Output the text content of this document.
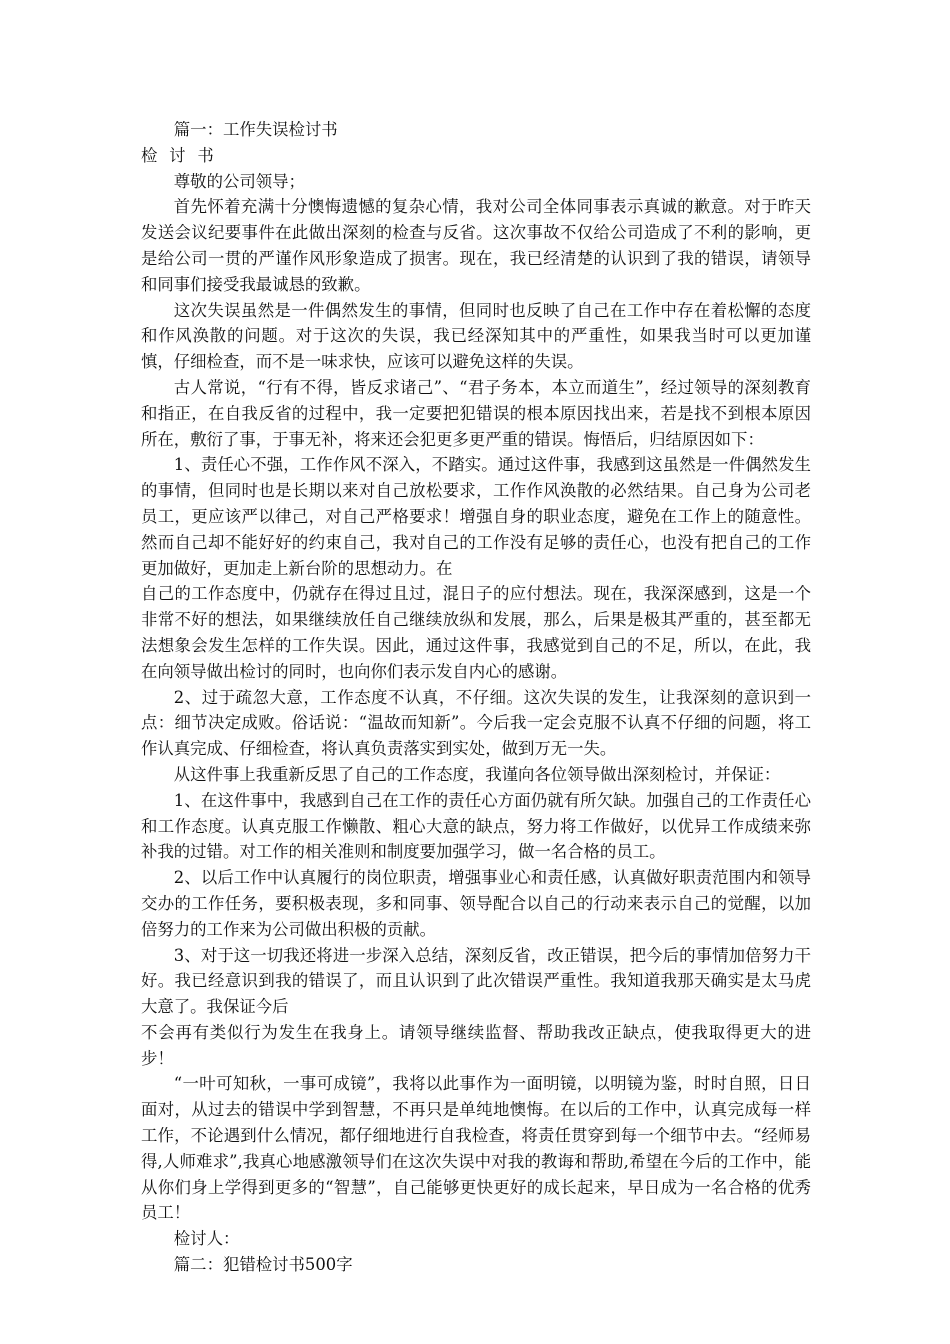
篇一：工作失误检讨书

检 讨 书

尊敬的公司领导；

首先怀着充满十分懊悔遗憾的复杂心情，我对公司全体同事表示真诚的歉意。对于昨天发送会议纪要事件在此做出深刻的检查与反省。这次事故不仅给公司造成了不利的影响，更是给公司一贯的严谨作风形象造成了损害。现在，我已经清楚的认识到了我的错误，请领导和同事们接受我最诚恳的致歉。

这次失误虽然是一件偶然发生的事情，但同时也反映了自己在工作中存在着松懈的态度和作风涣散的问题。对于这次的失误，我已经深知其中的严重性，如果我当时可以更加谨慎，仔细检查，而不是一味求快，应该可以避免这样的失误。

古人常说，“行有不得，皆反求诸己”、“君子务本，本立而道生”，经过领导的深刻教育和指正，在自我反省的过程中，我一定要把犯错误的根本原因找出来，若是找不到根本原因所在，敷衍了事，于事无补，将来还会犯更多更严重的错误。悔悟后，归结原因如下：

1、责任心不强，工作作风不深入，不踏实。通过这件事，我感到这虽然是一件偶然发生的事情，但同时也是长期以来对自己放松要求，工作作风涣散的必然结果。自己身为公司老员工，更应该严以律己，对自己严格要求！增强自身的职业态度，避免在工作上的随意性。然而自己却不能好好的约束自己，我对自己的工作没有足够的责任心，也没有把自己的工作更加做好，更加走上新台阶的思想动力。在

自己的工作态度中，仍就存在得过且过，混日子的应付想法。现在，我深深感到，这是一个非常不好的想法，如果继续放任自己继续放纵和发展，那么，后果是极其严重的，甚至都无法想象会发生怎样的工作失误。因此，通过这件事，我感觉到自己的不足，所以，在此，我在向领导做出检讨的同时，也向你们表示发自内心的感谢。

2、过于疏忽大意，工作态度不认真，不仔细。这次失误的发生，让我深刻的意识到一点：细节决定成败。俗话说：“温故而知新”。今后我一定会克服不认真不仔细的问题，将工作认真完成、仔细检查，将认真负责落实到实处，做到万无一失。

从这件事上我重新反思了自己的工作态度，我谨向各位领导做出深刻检讨，并保证：

1、在这件事中，我感到自己在工作的责任心方面仍就有所欠缺。加强自己的工作责任心和工作态度。认真克服工作懒散、粗心大意的缺点，努力将工作做好，以优异工作成绩来弥补我的过错。对工作的相关准则和制度要加强学习，做一名合格的员工。

2、以后工作中认真履行的岗位职责，增强事业心和责任感，认真做好职责范围内和领导交办的工作任务，要积极表现，多和同事、领导配合以自己的行动来表示自己的觉醒，以加倍努力的工作来为公司做出积极的贡献。

3、对于这一切我还将进一步深入总结，深刻反省，改正错误，把今后的事情加倍努力干好。我已经意识到我的错误了，而且认识到了此次错误严重性。我知道我那天确实是太马虎大意了。我保证今后

不会再有类似行为发生在我身上。请领导继续监督、帮助我改正缺点，使我取得更大的进步！

“一叶可知秋，一事可成镜”，我将以此事作为一面明镜，以明镜为鉴，时时自照，日日面对，从过去的错误中学到智慧，不再只是单纯地懊悔。在以后的工作中，认真完成每一样工作，不论遇到什么情况，都仔细地进行自我检查，将责任贯穿到每一个细节中去。“经师易得,人师难求”,我真心地感激领导们在这次失误中对我的教诲和帮助,希望在今后的工作中，能从你们身上学得到更多的“智慧”，自己能够更快更好的成长起来，早日成为一名合格的优秀员工！

检讨人：

篇二：犯错检讨书500字
